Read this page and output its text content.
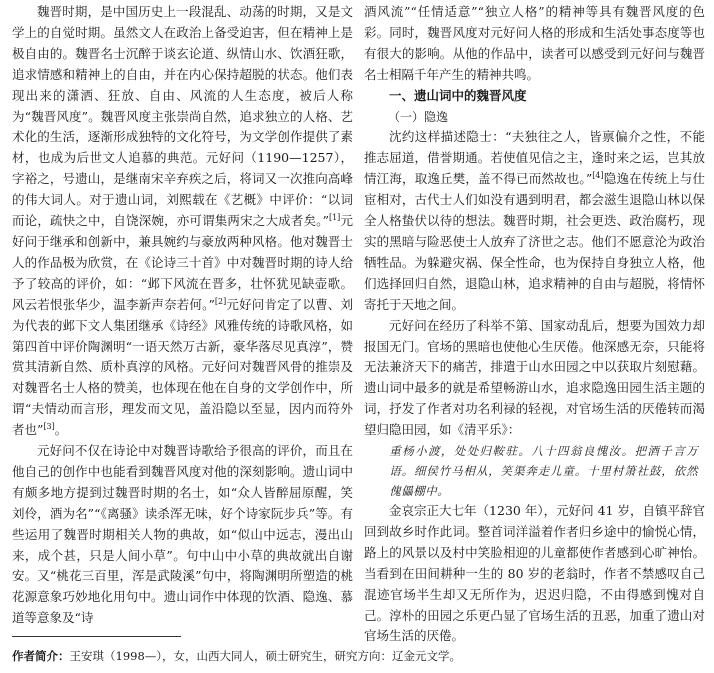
魏晋时期，是中国历史上一段混乱、动荡的时期，又是文学上的自觉时期。虽然文人在政治上备受迫害，但在精神上是极自由的。魏晋名士沉醉于谈玄论道、纵情山水、饮酒狂歌，追求情感和精神上的自由，并在内心保持超脱的状态。他们表现出来的潇洒、狂放、自由、风流的人生态度，被后人称为“魏晋风度”。魏晋风度主张崇尚自然，追求独立的人格、艺术化的生活，逐渐形成独特的文化符号，为文学创作提供了素材，也成为后世文人追慕的典范。元好问（1190—1257），字裕之，号遗山，是继南宋辛弃疾之后，将词又一次推向高峰的伟大词人。对于遗山词，刘熙载在《艺概》中评价：“以词而论，疏快之中，自饶深婉，亦可谓集两宋之大成者矣。”[1]元好问于继承和创新中，兼具婉约与豪放两种风格。他对魏晋士人的作品极为欣赏，在《论诗三十首》中对魏晋时期的诗人给予了较高的评价，如：“邺下风流在晋多，壮怀犹见缺壶歌。风云若恨张华少，温李新声奈若何。”[2]元好问肯定了以曹、刘为代表的邺下文人集团继承《诗经》风雅传统的诗歌风格，如第四首中评价陶渊明“一语天然万古新，豪华落尽见真淳”，赞赏其清新自然、质朴真淳的风格。元好问对魏晋风骨的推崇及对魏晋名士人格的赞美，也体现在他在自身的文学创作中，所谓“夫情动而言形，理发而文见，盖沿隐以至显，因内而符外者也”[3]。

元好问不仅在诗论中对魏晋诗歌给予很高的评价，而且在他自己的创作中也能看到魏晋风度对他的深刻影响。遗山词中有颇多地方提到过魏晋时期的名士，如“众人皆醉屈原醒，笑刘伶，酒为名”“《离骚》读杀浑无味，好个诗家阮步兵”等。有些运用了魏晋时期相关人物的典故，如“似山中远志，漫出山来，成个甚，只是人间小草”。句中山中小草的典故就出自谢安。又“桃花三百里，浑是武陵溪”句中，将陶渊明所塑造的桃花源意象巧妙地化用句中。遗山词作中体现的饮酒、隐逸、慕道等意象及“诗

酒风流”“任情适意”“独立人格”的精神等具有魏晋风度的色彩。同时，魏晋风度对元好问人格的形成和生活处事态度等也有很大的影响。从他的作品中，读者可以感受到元好问与魏晋名士相隔千年产生的精神共鸣。

一、遗山词中的魏晋风度

（一）隐逸

沈约这样描述隐士：“夫独往之人，皆禀偏介之性，不能推志屈道，借誉期通。若使值见信之主，逢时来之运，岂其放情江海，取逸丘樊，盖不得已而然故也。”[4]隐逸在传统上与仕宦相对，古代士人们如没有遇到明君，都会滋生退隐山林以保全人格蛰伏以待的想法。魏晋时期，社会更迭、政治腐朽，现实的黑暗与险恶使士人放弃了济世之志。他们不愿意沦为政治牺牲品。为躲避灾祸、保全性命，也为保持自身独立人格，他们选择回归自然，退隐山林，追求精神的自由与超脱，将情怀寄托于天地之间。

元好问在经历了科举不第、国家动乱后，想要为国效力却报国无门。官场的黑暗也使他心生厌倦。他深感无奈，只能将无法兼济天下的痛苦，排遣于山水田园之中以获取片刻慰藉。遗山词中最多的就是希望畅游山水，追求隐逸田园生活主题的词，抒发了作者对功名利禄的轻视，对官场生活的厌倦转而渴望归隐田园，如《清平乐》：

重杨小渡，处处归鞍驻。八十四翁良愧汝。把酒千言万语。细侯竹马相从，笑渠奔走儿童。十里村箫社鼓，依然傀儡棚中。

金哀宗正大七年（1230 年），元好问 41 岁，自镇平辞官回到故乡时作此词。整首词洋溢着作者归乡途中的愉悦心情，路上的风景以及村中笑脸相迎的儿童都使作者感到心旷神怡。当看到在田间耕种一生的 80 岁的老翁时，作者不禁感叹自己混迹官场半生却又无所作为，迟迟归隐，不由得感到愧对自己。淳朴的田园之乐更凸显了官场生活的丑恶，加重了遗山对官场生活的厌倦。

作者简介：王安琪（1998—），女，山西大同人，硕士研究生，研究方向：辽金元文学。
